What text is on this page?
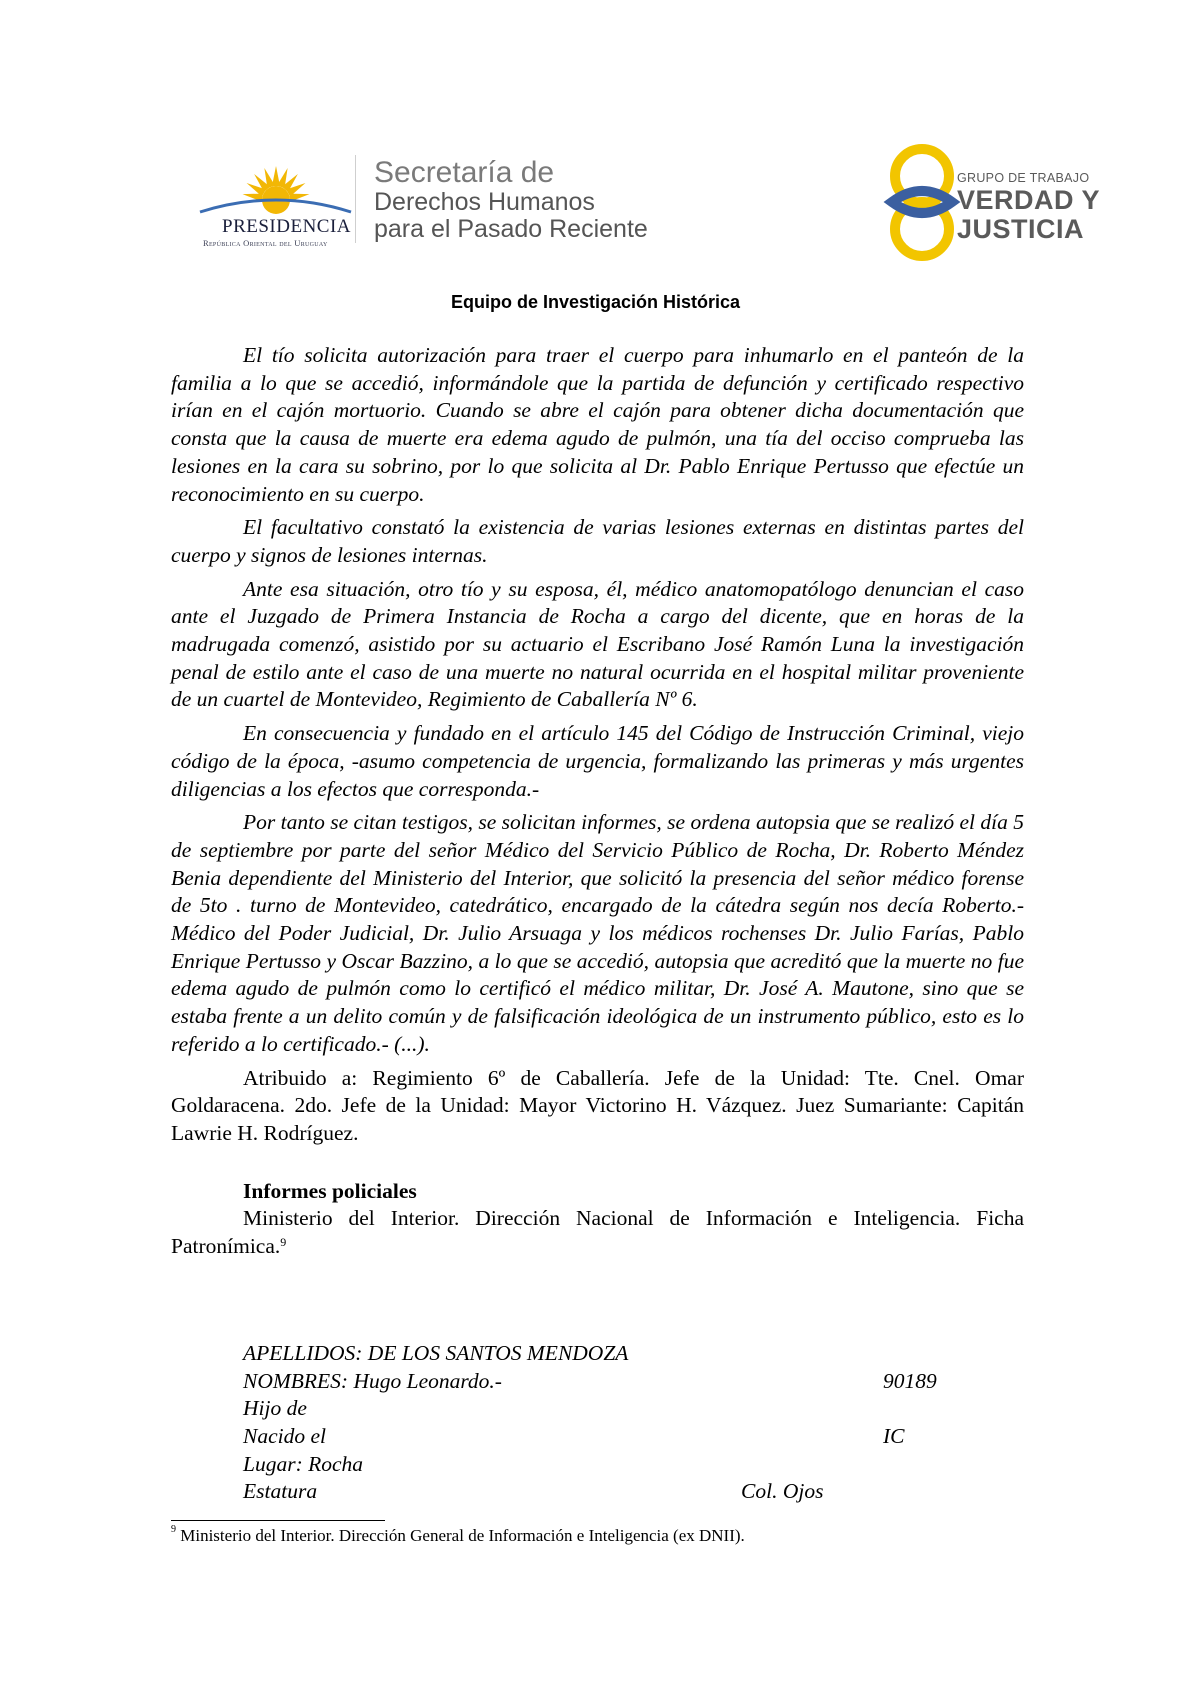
PRESIDENCIA
República Oriental del Uruguay
Secretaría de
Derechos Humanos
para el Pasado Reciente
GRUPO DE TRABAJO
VERDAD Y
JUSTICIA
Equipo de Investigación Histórica

El tío solicita autorización para traer el cuerpo para inhumarlo en el panteón de la familia a lo que se accedió, informándole que la partida de defunción y certificado respectivo irían en el cajón mortuorio. Cuando se abre el cajón para obtener dicha documentación que consta que la causa de muerte era edema agudo de pulmón, una tía del occiso comprueba las lesiones en la cara su sobrino, por lo que solicita al Dr. Pablo Enrique Pertusso que efectúe un reconocimiento en su cuerpo.

El facultativo constató la existencia de varias lesiones externas en distintas partes del cuerpo y signos de lesiones internas.

Ante esa situación, otro tío y su esposa, él, médico anatomopatólogo denuncian el caso ante el Juzgado de Primera Instancia de Rocha a cargo del dicente, que en horas de la madrugada comenzó, asistido por su actuario el Escribano José Ramón Luna la investigación penal de estilo ante el caso de una muerte no natural ocurrida en el hospital militar proveniente de un cuartel de Montevideo, Regimiento de Caballería Nº 6.

En consecuencia y fundado en el artículo 145 del Código de Instrucción Criminal, viejo código de la época, -asumo competencia de urgencia, formalizando las primeras y más urgentes diligencias a los efectos que corresponda.-

Por tanto se citan testigos, se solicitan informes, se ordena autopsia que se realizó el día 5 de septiembre por parte del señor Médico del Servicio Público de Rocha, Dr. Roberto Méndez Benia dependiente del Ministerio del Interior, que solicitó la presencia del señor médico forense de 5to . turno de Montevideo, catedrático, encargado de la cátedra según nos decía Roberto.-Médico del Poder Judicial, Dr. Julio Arsuaga y los médicos rochenses Dr. Julio Farías, Pablo Enrique Pertusso y Oscar Bazzino, a lo que se accedió, autopsia que acreditó que la muerte no fue edema agudo de pulmón como lo certificó el médico militar, Dr. José A. Mautone, sino que se estaba frente a un delito común y de falsificación ideológica de un instrumento público, esto es lo referido a lo certificado.- (...).

Atribuido a: Regimiento 6º de Caballería. Jefe de la Unidad: Tte. Cnel. Omar Goldaracena. 2do. Jefe de la Unidad: Mayor Victorino H. Vázquez. Juez Sumariante: Capitán Lawrie H. Rodríguez.

Informes policiales

Ministerio del Interior. Dirección Nacional de Información e Inteligencia. Ficha Patronímica.$^9$

APELLIDOS: DE LOS SANTOS MENDOZA
NOMBRES: Hugo Leonardo.-	90189
Hijo de
Nacido el	IC
Lugar: Rocha
Estatura	Col. Ojos
$^9$ Ministerio del Interior. Dirección General de Información e Inteligencia (ex DNII).
